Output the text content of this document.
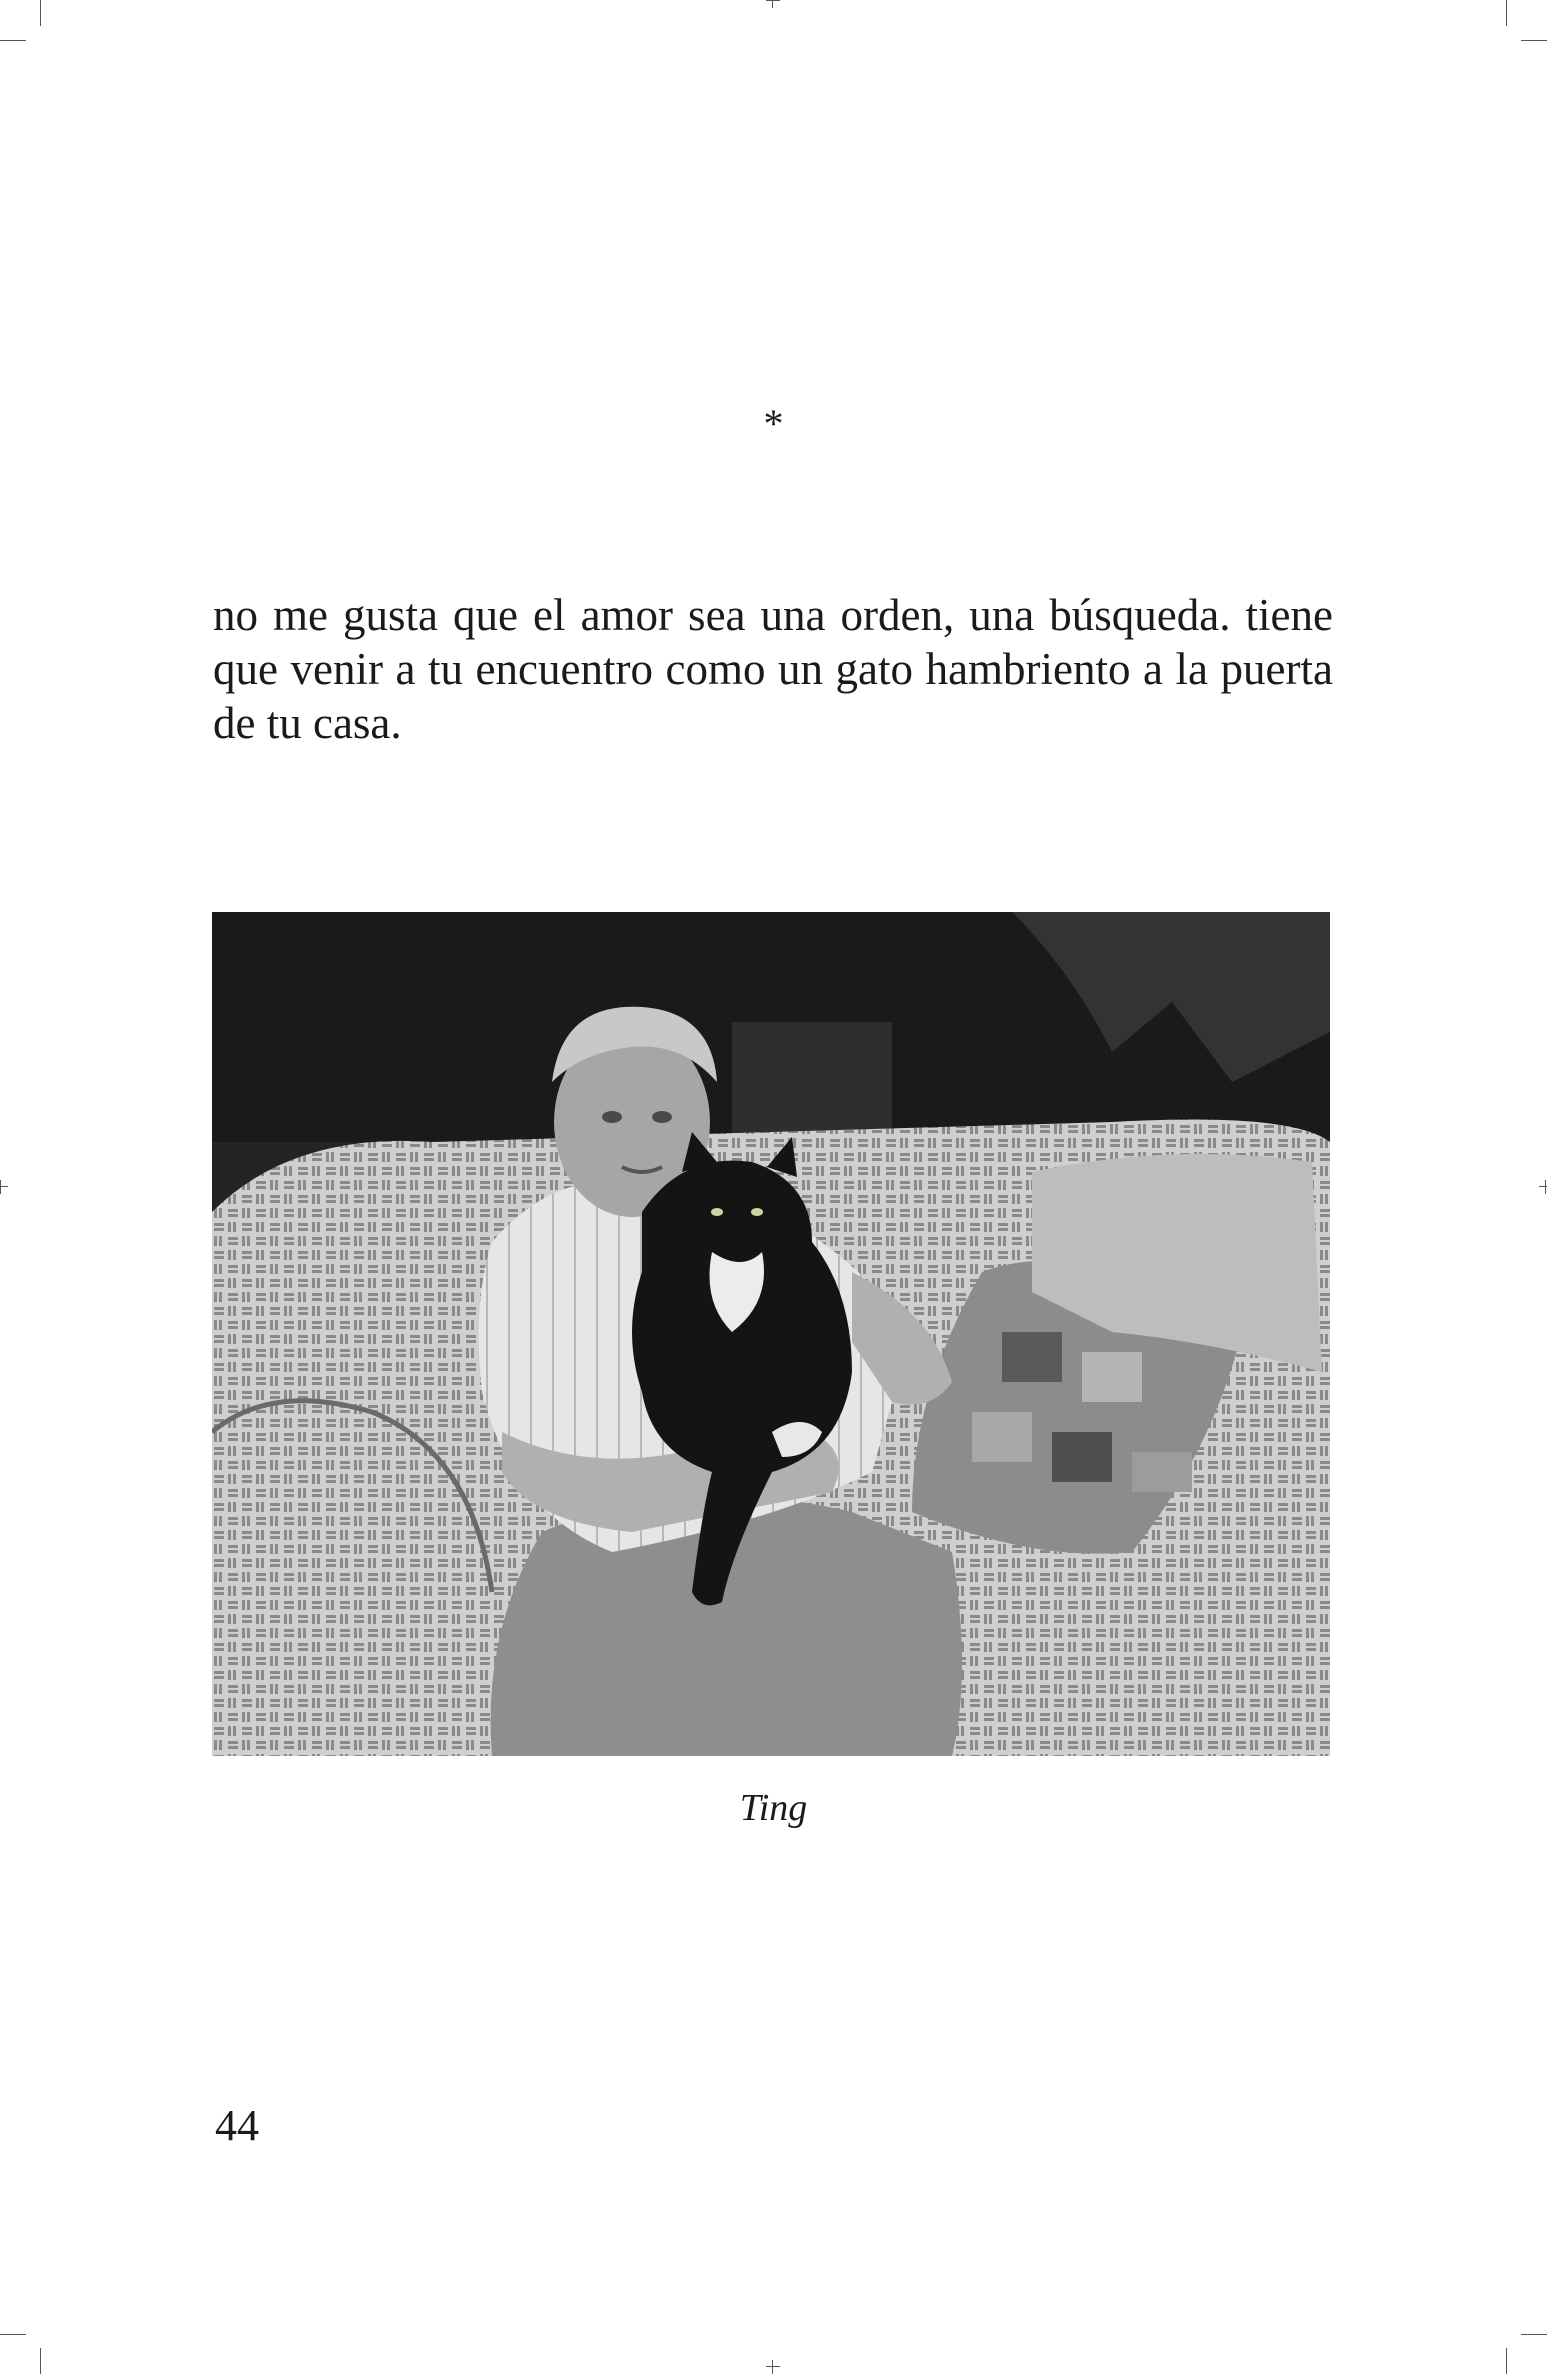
*

no me gusta que el amor sea una orden, una búsqueda. tiene que venir a tu encuentro como un gato hambriento a la puerta de tu casa.

Ting
44
